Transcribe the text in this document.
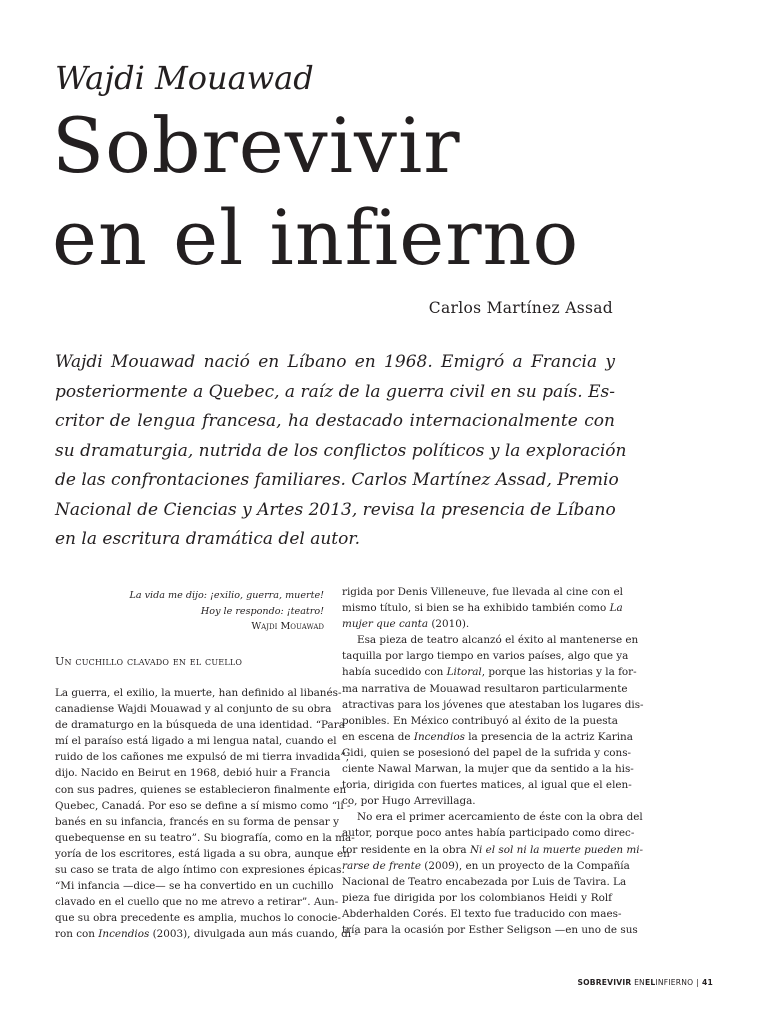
Wajdi Mouawad
Sobrevivir
en el infierno
Carlos Martínez Assad
Wajdi Mouawad nació en Líbano en 1968. Emigró a Francia y
posteriormente a Quebec, a raíz de la guerra civil en su país. Es-
critor de lengua francesa, ha destacado internacionalmente con
su dramaturgia, nutrida de los conflictos políticos y la exploración
de las confrontaciones familiares. Carlos Martínez Assad, Premio
Nacional de Ciencias y Artes 2013, revisa la presencia de Líbano
en la escritura dramática del autor.
La vida me dijo: ¡exilio, guerra, muerte!
Hoy le respondo: ¡teatro!
Wajdi Mouawad
Un cuchillo clavado en el cuello
La guerra, el exilio, la muerte, han definido al libanés-
canadiense Wajdi Mouawad y al conjunto de su obra
de dramaturgo en la búsqueda de una identidad. “Para
mí el paraíso está ligado a mi lengua natal, cuando el
ruido de los cañones me expulsó de mi tierra invadida”,
dijo. Nacido en Beirut en 1968, debió huir a Francia
con sus padres, quienes se establecieron finalmente en
Quebec, Canadá. Por eso se define a sí mismo como “li -
banés en su infancia, francés en su forma de pensar y
quebequense en su teatro”. Su biografía, como en la ma-
yoría de los escritores, está ligada a su obra, aunque en
su caso se trata de algo íntimo con expresiones épicas.
“Mi infancia —dice— se ha convertido en un cuchillo
clavado en el cuello que no me atrevo a retirar”. Aun-
que su obra precedente es amplia, muchos lo conocie-
ron con Incendios (2003), divulgada aun más cuando, di -
rigida por Denis Villeneuve, fue llevada al cine con el
mismo título, si bien se ha exhibido también como La
mujer que canta (2010).
Esa pieza de teatro alcanzó el éxito al mantenerse en
taquilla por largo tiempo en varios países, algo que ya
había sucedido con Litoral, porque las historias y la for-
ma narrativa de Mouawad resultaron particularmente
atractivas para los jóvenes que atestaban los lugares dis-
ponibles. En México contribuyó al éxito de la puesta
en escena de Incendios la presencia de la actriz Karina
Gidi, quien se posesionó del papel de la sufrida y cons-
ciente Nawal Marwan, la mujer que da sentido a la his-
toria, dirigida con fuertes matices, al igual que el elen-
co, por Hugo Arrevillaga.
No era el primer acercamiento de éste con la obra del
autor, porque poco antes había participado como direc-
tor residente en la obra Ni el sol ni la muerte pueden mi-
rarse de frente (2009), en un proyecto de la Compañía
Nacional de Teatro encabezada por Luis de Tavira. La
pieza fue dirigida por los colombianos Heidi y Rolf
Abderhalden Corés. El texto fue traducido con maes-
tría para la ocasión por Esther Seligson —en uno de sus
SOBREVIVIR ENELINFIERNO | 41
